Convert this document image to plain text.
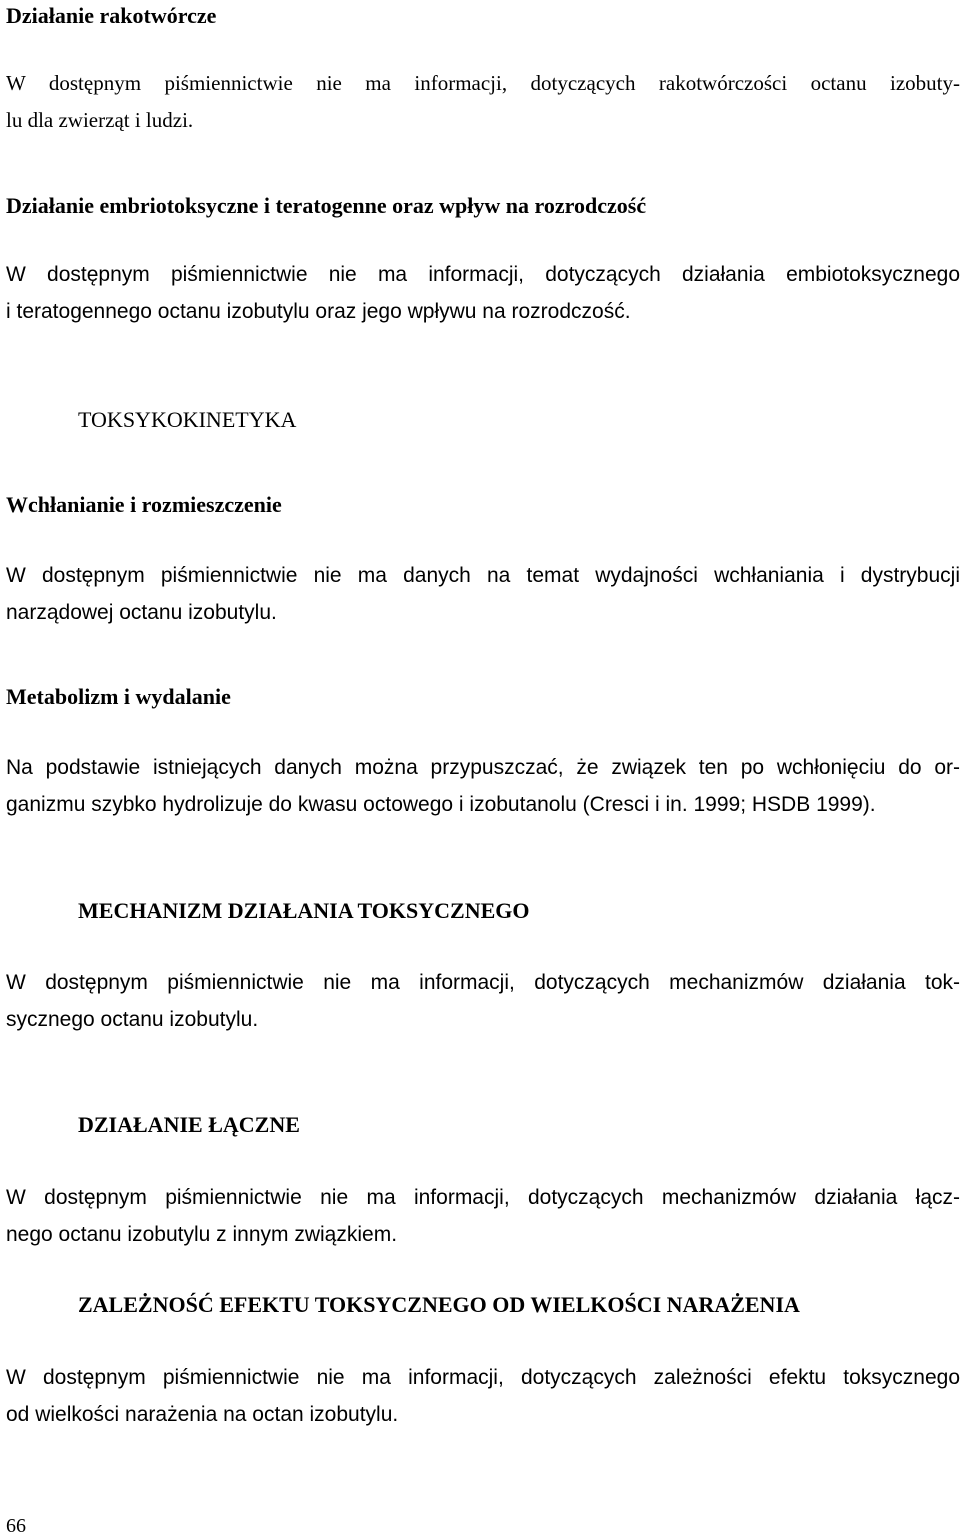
Działanie rakotwórcze
W dostępnym piśmiennictwie nie ma informacji, dotyczących rakotwórczości octanu izobuty-
lu dla zwierząt i ludzi.
Działanie embriotoksyczne i teratogenne oraz wpływ na rozrodczość
W dostępnym piśmiennictwie nie ma informacji, dotyczących działania embiotoksycznego
i teratogennego octanu izobutylu oraz jego wpływu na rozrodczość.
TOKSYKOKINETYKA
Wchłanianie i rozmieszczenie
W dostępnym piśmiennictwie nie ma danych na temat wydajności wchłaniania i dystrybucji
narządowej octanu izobutylu.
Metabolizm i wydalanie
Na podstawie istniejących danych można przypuszczać, że związek ten po wchłonięciu do or-
ganizmu szybko hydrolizuje do kwasu octowego i izobutanolu (Cresci i in. 1999; HSDB 1999).
MECHANIZM DZIAŁANIA TOKSYCZNEGO
W dostępnym piśmiennictwie nie ma informacji, dotyczących mechanizmów działania tok-
sycznego octanu izobutylu.
DZIAŁANIE ŁĄCZNE
W dostępnym piśmiennictwie nie ma informacji, dotyczących mechanizmów działania łącz-
nego octanu izobutylu z innym związkiem.
ZALEŻNOŚĆ EFEKTU TOKSYCZNEGO OD WIELKOŚCI NARAŻENIA
W dostępnym piśmiennictwie nie ma informacji, dotyczących zależności efektu toksycznego
od wielkości narażenia na octan izobutylu.
66
